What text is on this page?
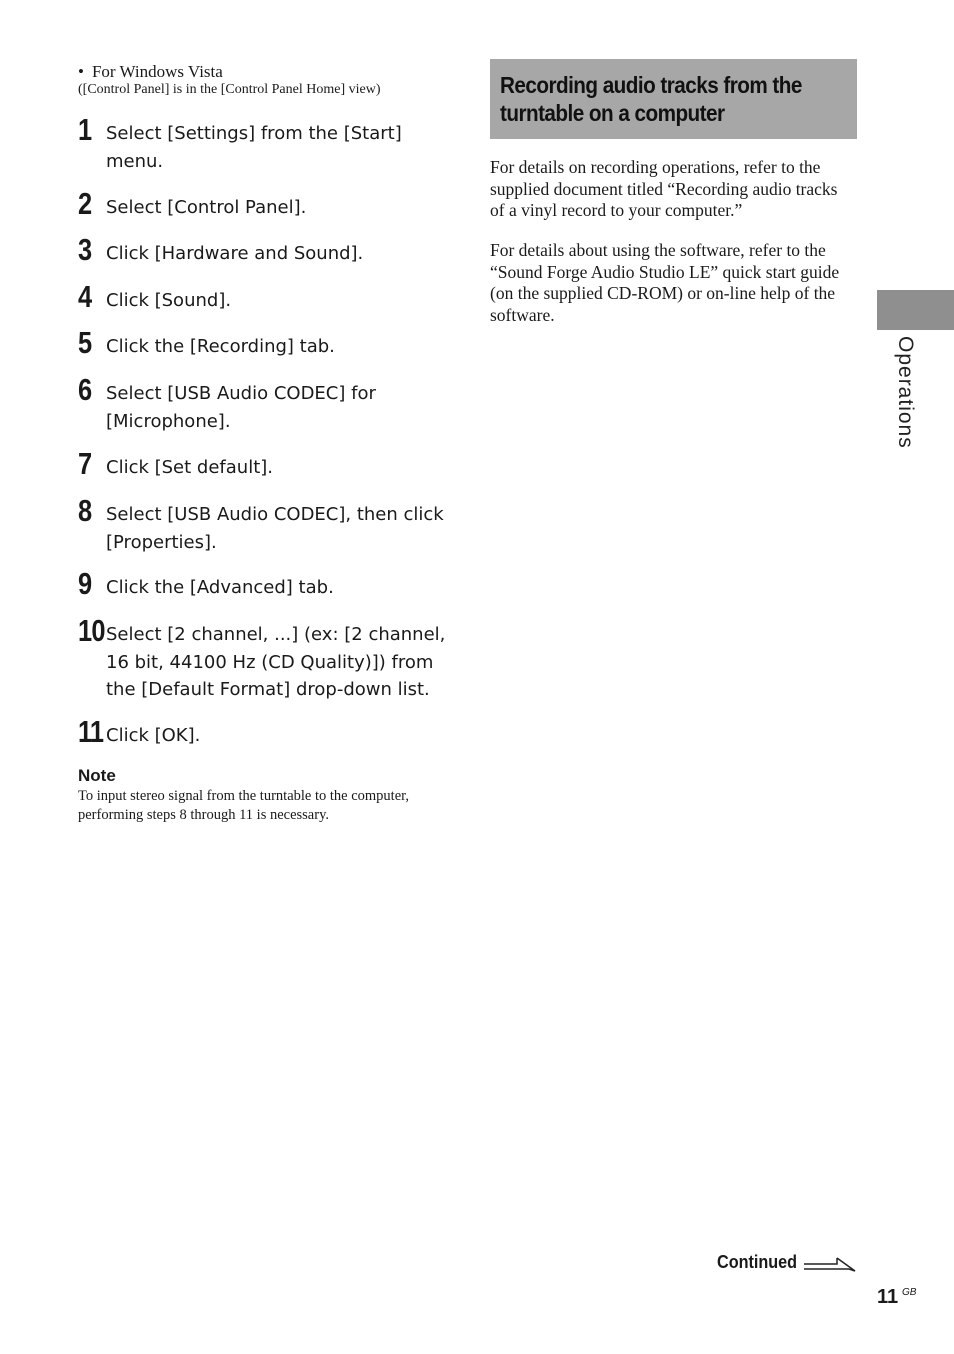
• For Windows Vista
([Control Panel] is in the [Control Panel Home] view)
1 Select [Settings] from the [Start] menu.
2 Select [Control Panel].
3 Click [Hardware and Sound].
4 Click [Sound].
5 Click the [Recording] tab.
6 Select [USB Audio CODEC] for [Microphone].
7 Click [Set default].
8 Select [USB Audio CODEC], then click [Properties].
9 Click the [Advanced] tab.
10 Select [2 channel, ...] (ex: [2 channel, 16 bit, 44100 Hz (CD Quality)]) from the [Default Format] drop-down list.
11 Click [OK].
Note
To input stereo signal from the turntable to the computer, performing steps 8 through 11 is necessary.
Recording audio tracks from the turntable on a computer
For details on recording operations, refer to the supplied document titled “Recording audio tracks of a vinyl record to your computer.”
For details about using the software, refer to the “Sound Forge Audio Studio LE” quick start guide (on the supplied CD-ROM) or on-line help of the software.
Operations
Continued
11 GB
